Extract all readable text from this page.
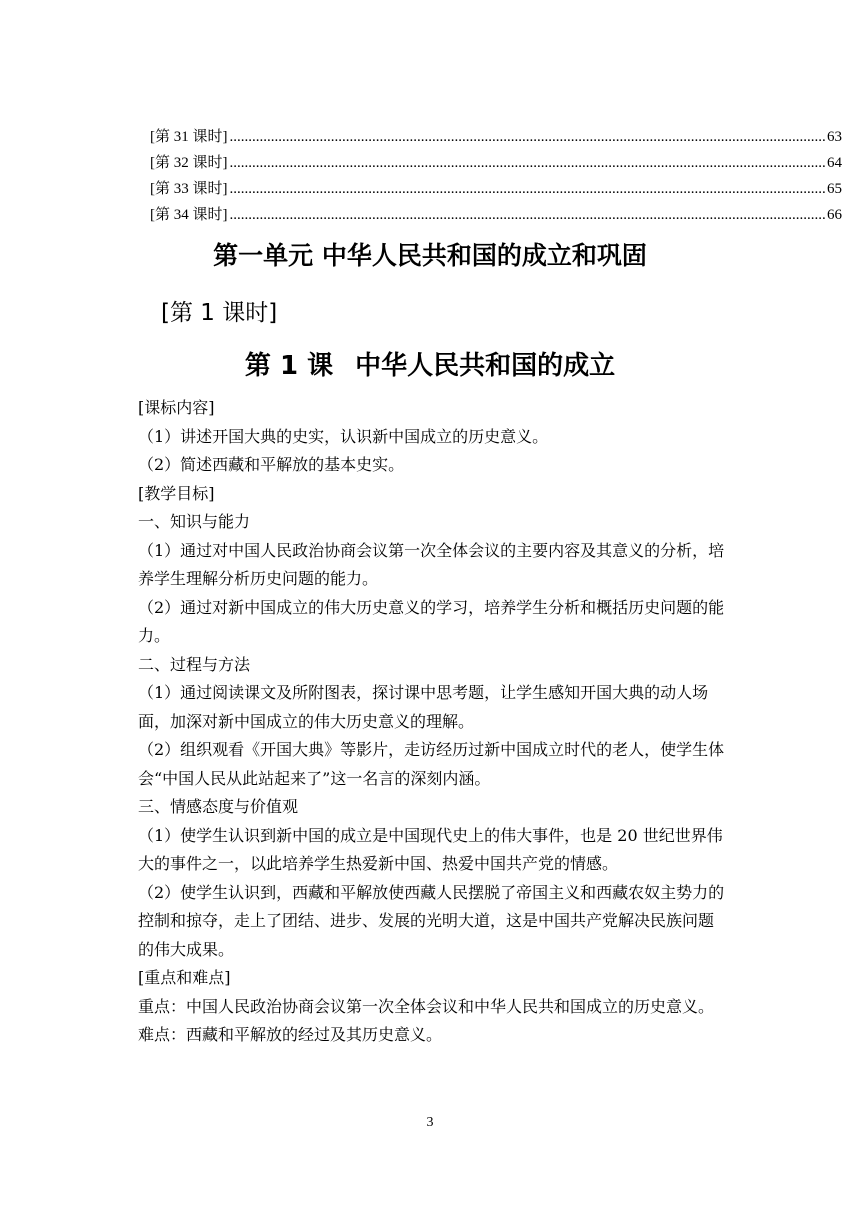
[第 31 课时] .....	63
[第 32 课时] .....	64
[第 33 课时] .....	65
[第 34 课时] .....	66
第一单元 中华人民共和国的成立和巩固
[第 1 课时]
第 1 课 中华人民共和国的成立

[课标内容]

（1）讲述开国大典的史实，认识新中国成立的历史意义。

（2）简述西藏和平解放的基本史实。

[教学目标]

一、知识与能力

（1）通过对中国人民政治协商会议第一次全体会议的主要内容及其意义的分析，培养学生理解分析历史问题的能力。

（2）通过对新中国成立的伟大历史意义的学习，培养学生分析和概括历史问题的能力。

二、过程与方法

（1）通过阅读课文及所附图表，探讨课中思考题，让学生感知开国大典的动人场面，加深对新中国成立的伟大历史意义的理解。

（2）组织观看《开国大典》等影片，走访经历过新中国成立时代的老人，使学生体会“中国人民从此站起来了”这一名言的深刻内涵。

三、情感态度与价值观

（1）使学生认识到新中国的成立是中国现代史上的伟大事件，也是 20 世纪世界伟大的事件之一，以此培养学生热爱新中国、热爱中国共产党的情感。

（2）使学生认识到，西藏和平解放使西藏人民摆脱了帝国主义和西藏农奴主势力的控制和掠夺，走上了团结、进步、发展的光明大道，这是中国共产党解决民族问题的伟大成果。

[重点和难点]

重点：中国人民政治协商会议第一次全体会议和中华人民共和国成立的历史意义。

难点：西藏和平解放的经过及其历史意义。

3
